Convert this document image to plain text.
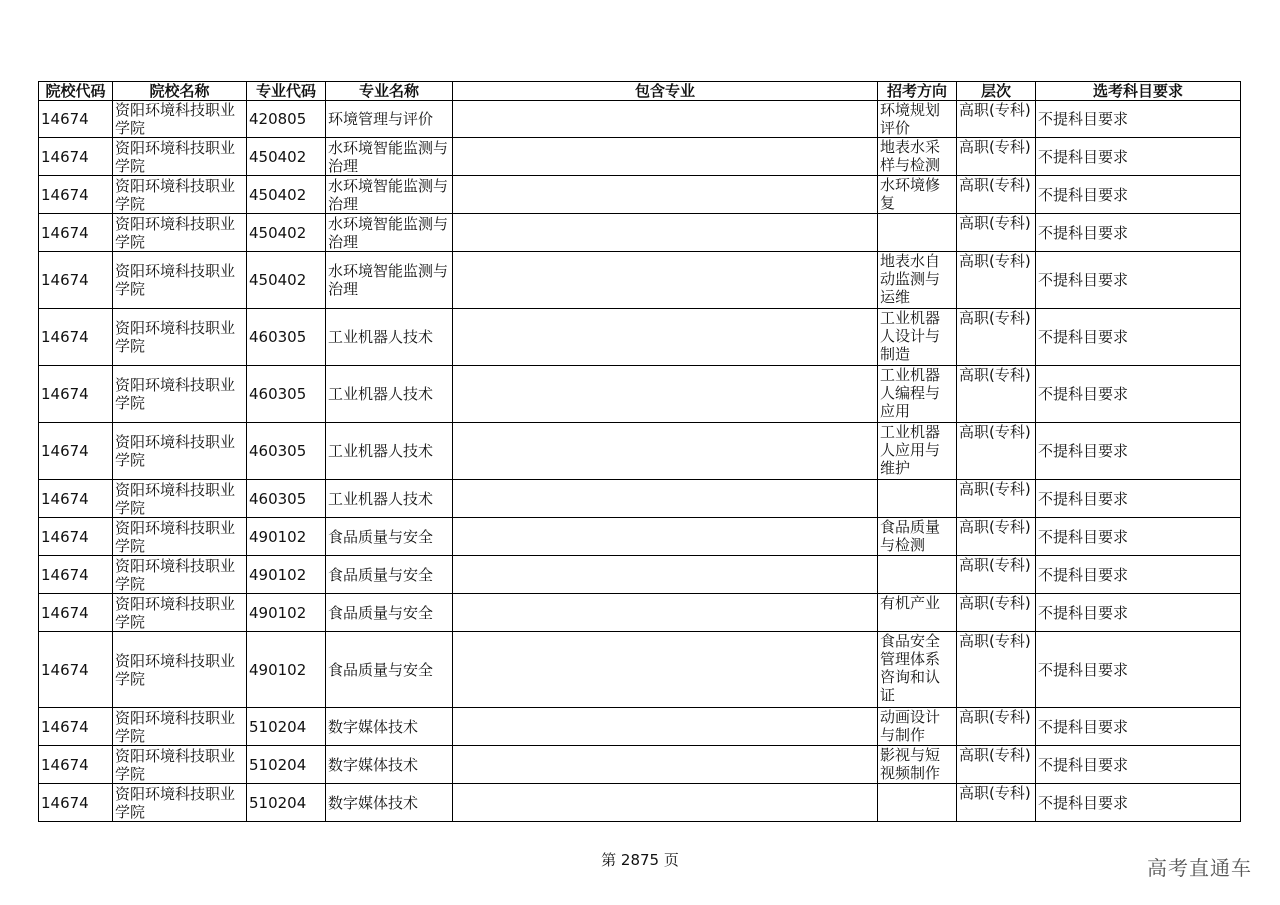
院校代码	院校名称	专业代码	专业名称	包含专业	招考方向	层次	选考科目要求
14674	资阳环境科技职业学院	420805	环境管理与评价		环境规划评价	高职(专科)	不提科目要求
14674	资阳环境科技职业学院	450402	水环境智能监测与治理		地表水采样与检测	高职(专科)	不提科目要求
14674	资阳环境科技职业学院	450402	水环境智能监测与治理		水环境修复	高职(专科)	不提科目要求
14674	资阳环境科技职业学院	450402	水环境智能监测与治理			高职(专科)	不提科目要求
14674	资阳环境科技职业学院	450402	水环境智能监测与治理		地表水自动监测与运维	高职(专科)	不提科目要求
14674	资阳环境科技职业学院	460305	工业机器人技术		工业机器人设计与制造	高职(专科)	不提科目要求
14674	资阳环境科技职业学院	460305	工业机器人技术		工业机器人编程与应用	高职(专科)	不提科目要求
14674	资阳环境科技职业学院	460305	工业机器人技术		工业机器人应用与维护	高职(专科)	不提科目要求
14674	资阳环境科技职业学院	460305	工业机器人技术			高职(专科)	不提科目要求
14674	资阳环境科技职业学院	490102	食品质量与安全		食品质量与检测	高职(专科)	不提科目要求
14674	资阳环境科技职业学院	490102	食品质量与安全			高职(专科)	不提科目要求
14674	资阳环境科技职业学院	490102	食品质量与安全		有机产业	高职(专科)	不提科目要求
14674	资阳环境科技职业学院	490102	食品质量与安全		食品安全管理体系咨询和认证	高职(专科)	不提科目要求
14674	资阳环境科技职业学院	510204	数字媒体技术		动画设计与制作	高职(专科)	不提科目要求
14674	资阳环境科技职业学院	510204	数字媒体技术		影视与短视频制作	高职(专科)	不提科目要求
14674	资阳环境科技职业学院	510204	数字媒体技术			高职(专科)	不提科目要求
第 2875 页	高考直通车
